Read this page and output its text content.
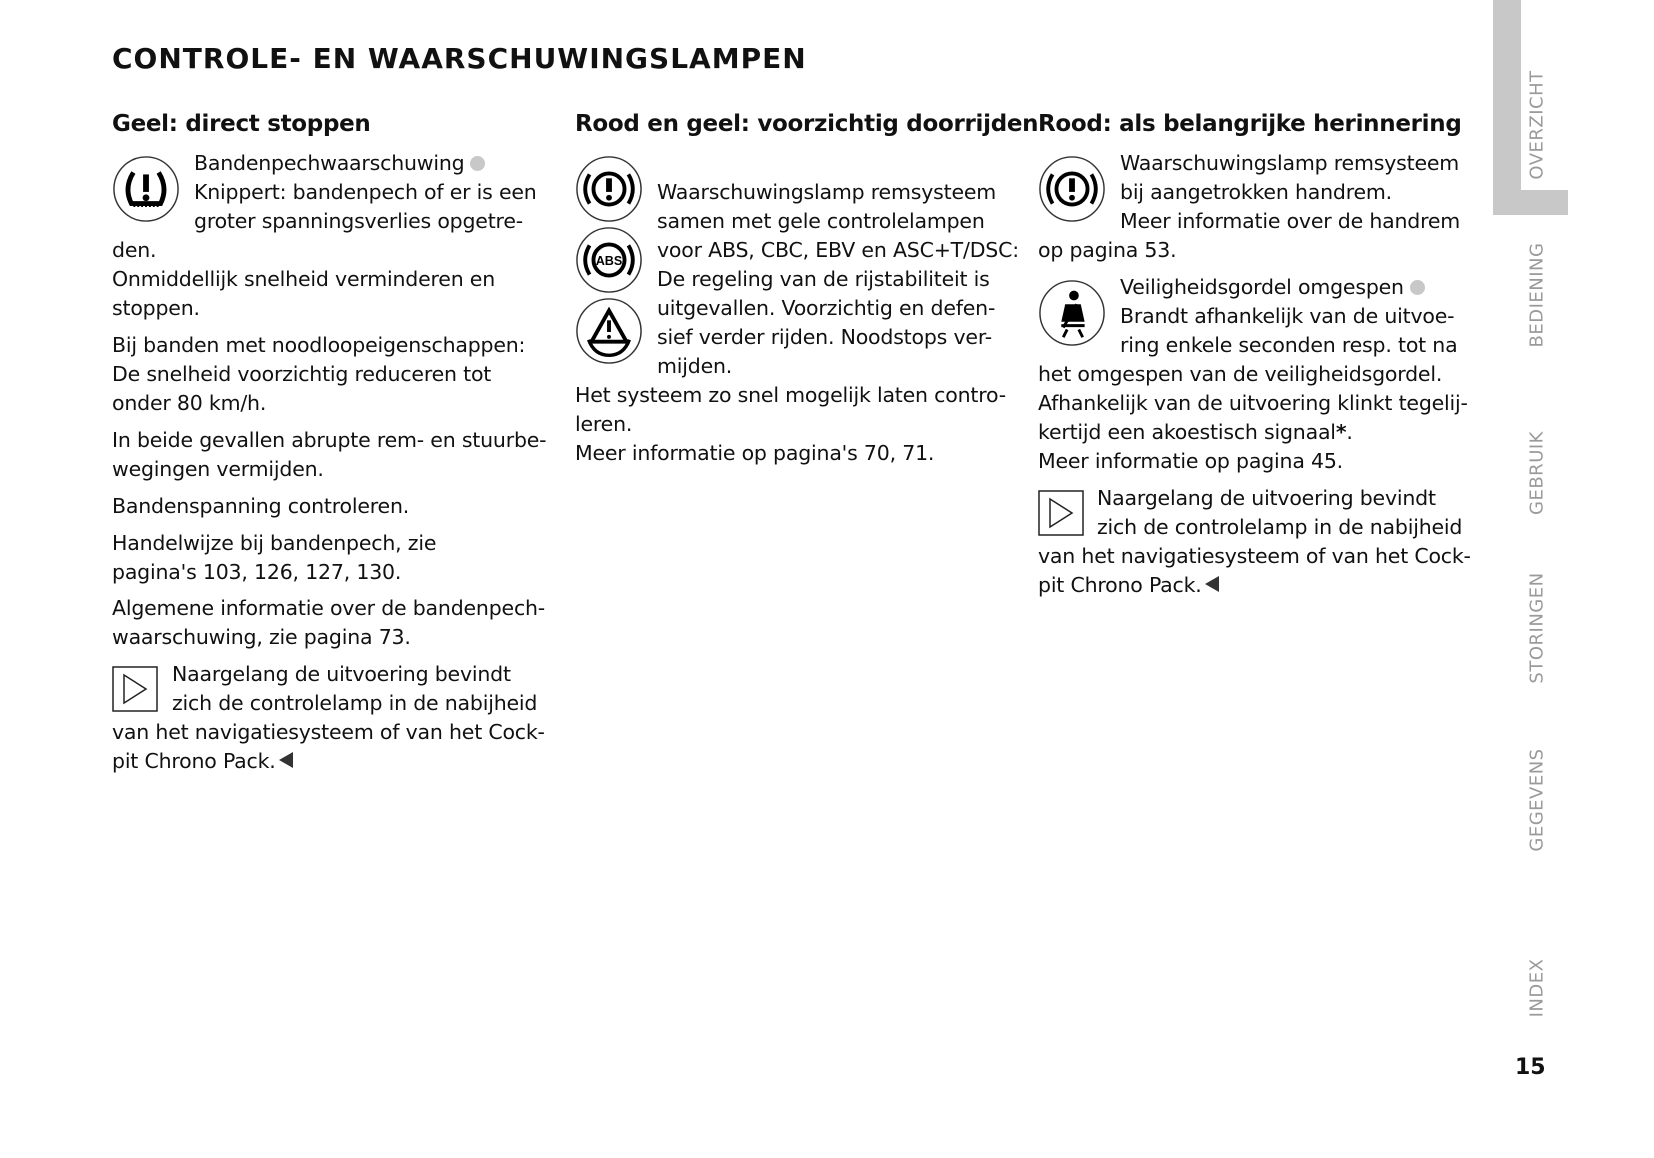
CONTROLE- EN WAARSCHUWINGSLAMPEN
Geel: direct stoppen	Rood en geel: voorzichtig doorrijden Rood: als belangrijke herinnering
ABS
Bandenpechwaarschuwing
Knippert: bandenpech of er is een
groter spanningsverlies opgetre-
den.
Onmiddellijk snelheid verminderen en
stoppen.
Bij banden met noodloopeigenschappen:
De snelheid voorzichtig reduceren tot
onder 80 km/h.
In beide gevallen abrupte rem- en stuurbe-
wegingen vermijden.
Bandenspanning controleren.
Handelwijze bij bandenpech, zie
pagina's 103, 126, 127, 130.
Algemene informatie over de bandenpech-
waarschuwing, zie pagina 73.
Naargelang de uitvoering bevindt
zich de controlelamp in de nabijheid
van het navigatiesysteem of van het Cock-
pit Chrono Pack.
Waarschuwingslamp remsysteem
samen met gele controlelampen
voor ABS, CBC, EBV en ASC+T/DSC:
De regeling van de rijstabiliteit is
uitgevallen. Voorzichtig en defen-
sief verder rijden. Noodstops ver-
mijden.
Het systeem zo snel mogelijk laten contro-
leren.
Meer informatie op pagina's 70, 71.
Waarschuwingslamp remsysteem
bij aangetrokken handrem.
Meer informatie over de handrem
op pagina 53.
Veiligheidsgordel omgespen
Brandt afhankelijk van de uitvoe-
ring enkele seconden resp. tot na
het omgespen van de veiligheidsgordel.
Afhankelijk van de uitvoering klinkt tegelij-
kertijd een akoestisch signaal*.
Meer informatie op pagina 45.
Naargelang de uitvoering bevindt
zich de controlelamp in de nabijheid
van het navigatiesysteem of van het Cock-
pit Chrono Pack.
OVERZICHT
BEDIENING
GEBRUIK
STORINGEN
GEGEVENS
INDEX
15
